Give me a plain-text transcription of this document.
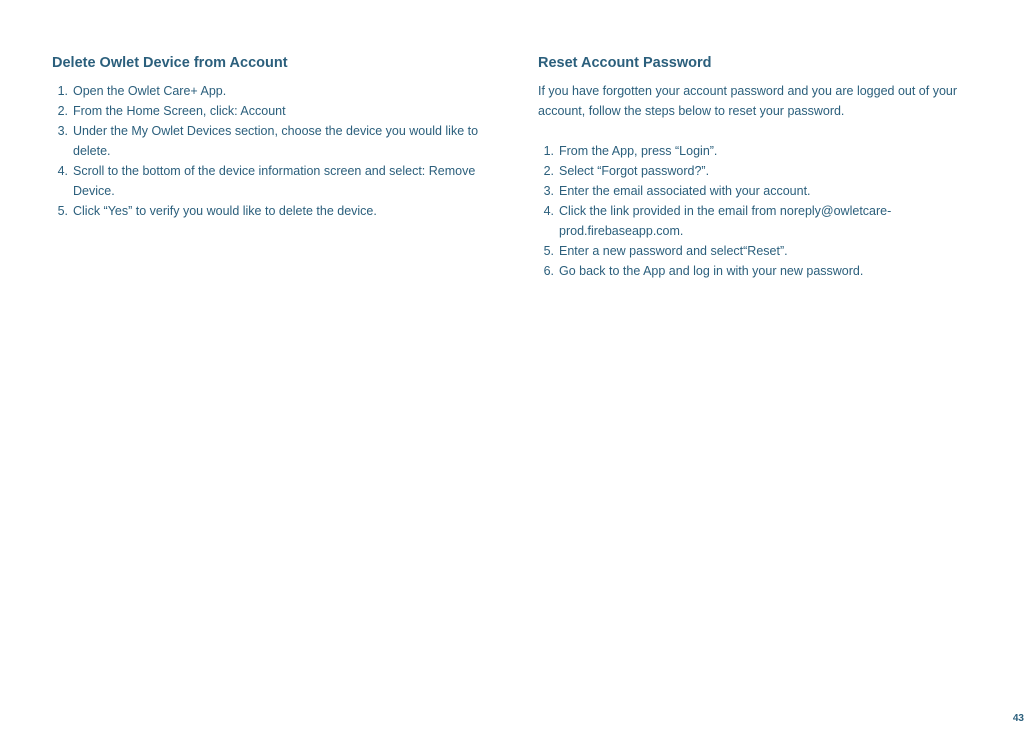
Delete Owlet Device from Account
1. Open the Owlet Care+ App.
2. From the Home Screen, click: Account
3. Under the My Owlet Devices section, choose the device you would like to delete.
4. Scroll to the bottom of the device information screen and select: Remove Device.
5. Click “Yes” to verify you would like to delete the device.
Reset Account Password

If you have forgotten your account password and you are logged out of your account, follow the steps below to reset your password.

1. From the App, press “Login”.
2. Select “Forgot password?”.
3. Enter the email associated with your account.
4. Click the link provided in the email from noreply@owletcare-prod.firebaseapp.com.
5. Enter a new password and select“Reset”.
6. Go back to the App and log in with your new password.
43
